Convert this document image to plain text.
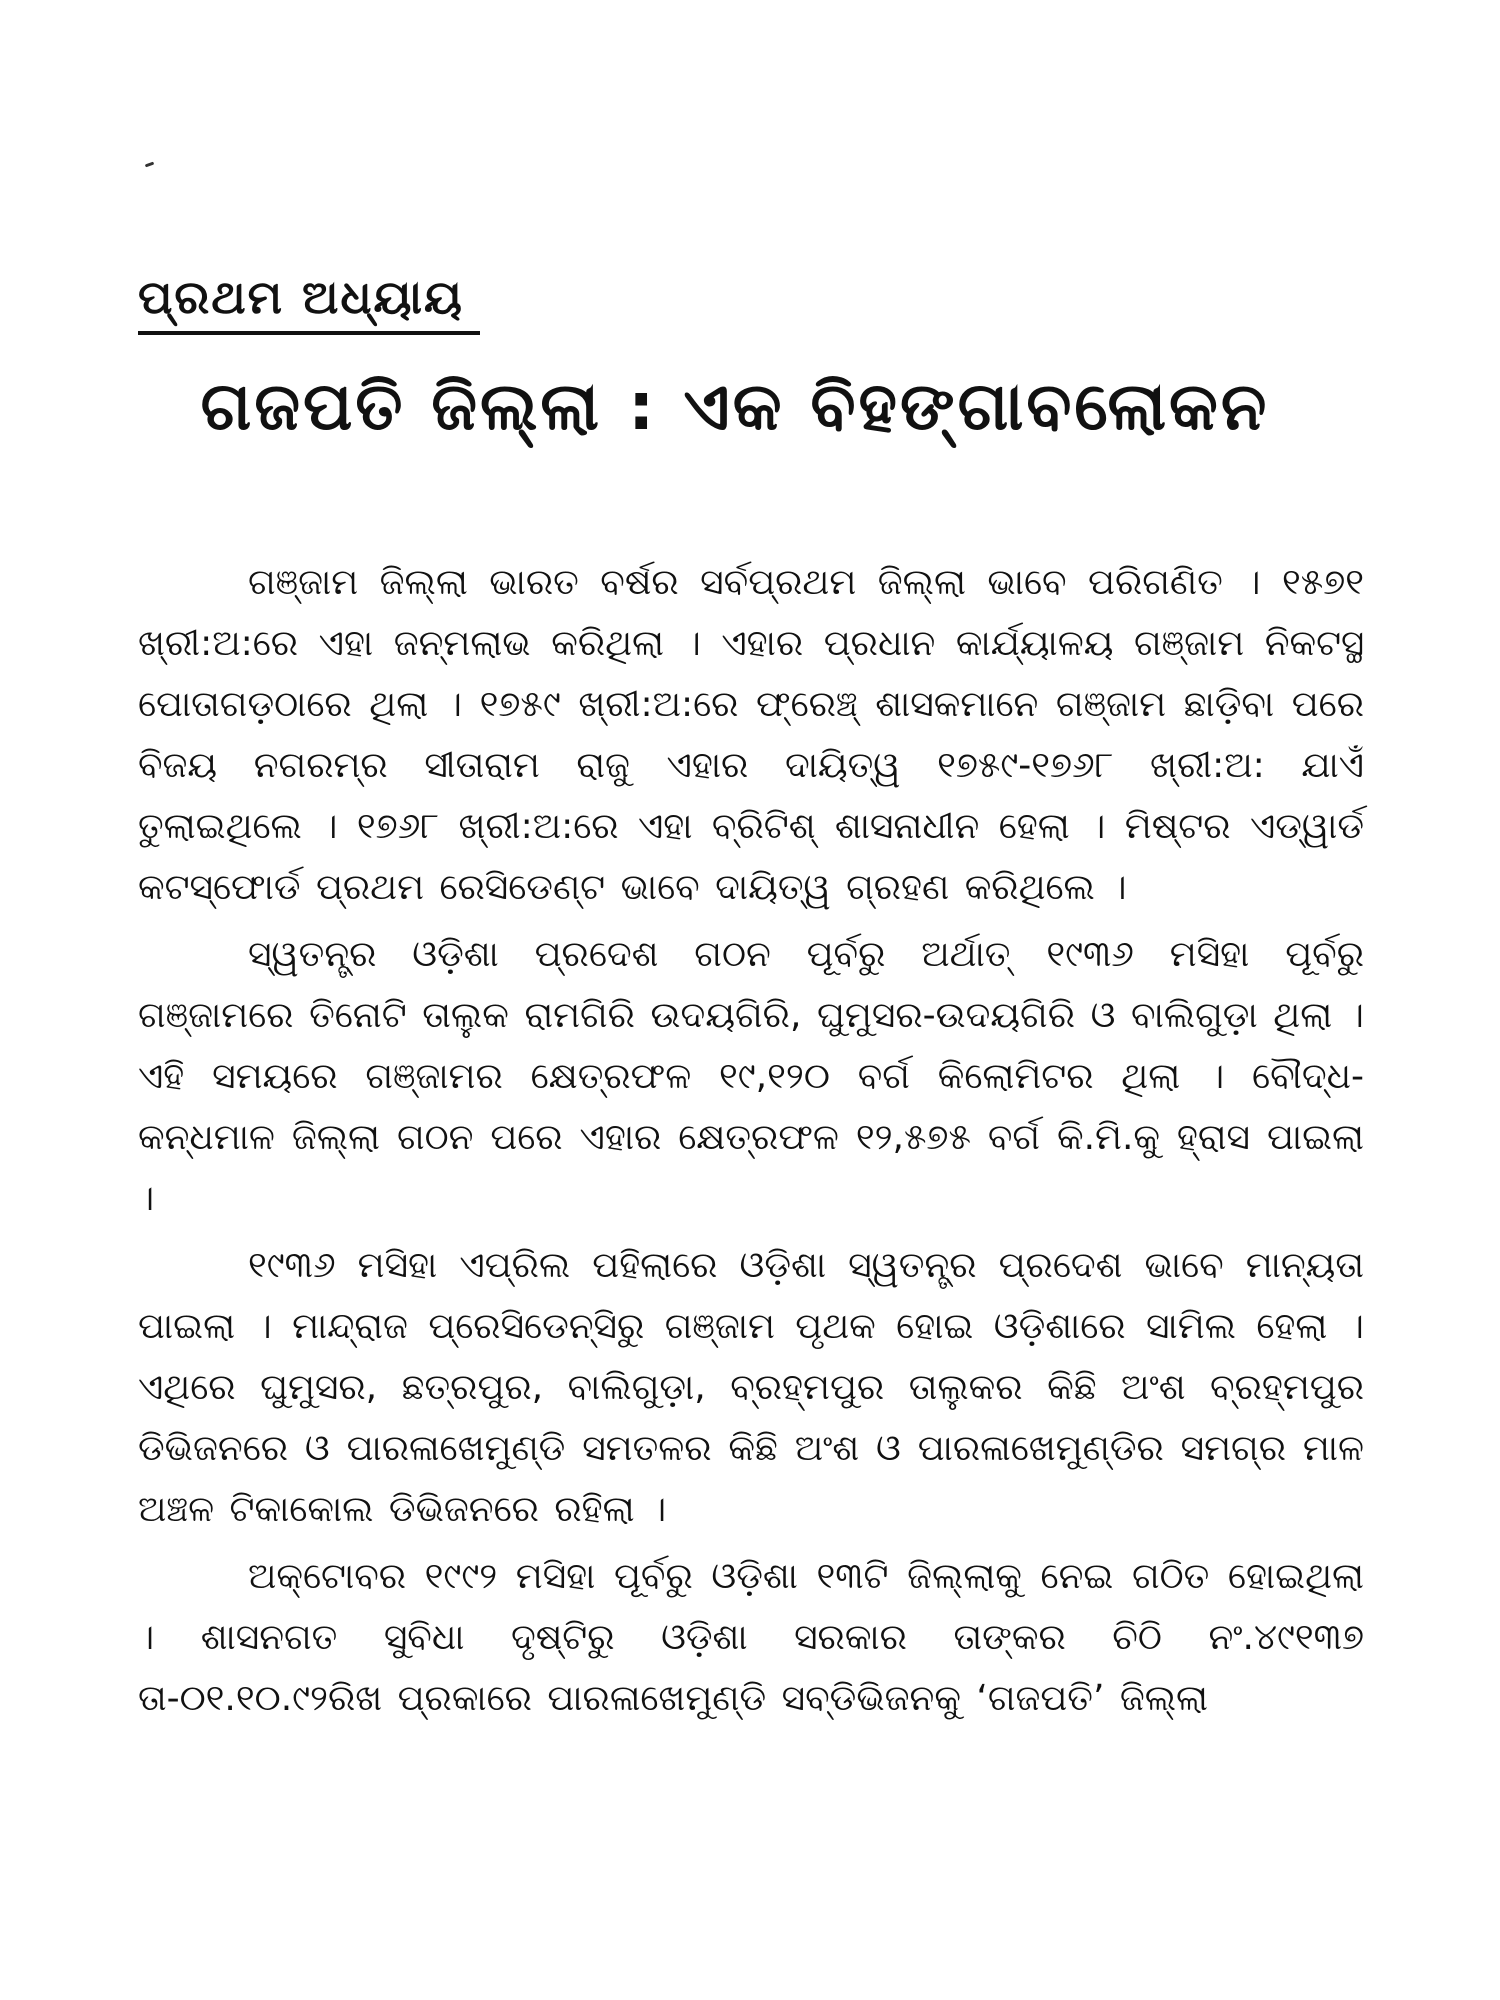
ପ୍ରଥମ ଅଧ୍ୟାୟ
ଗଜପତି ଜିଲ୍ଲା : ଏକ ବିହଙ୍ଗାବଲୋକନ

ଗଞ୍ଜାମ ଜିଲ୍ଲା ଭାରତ ବର୍ଷର ସର୍ବପ୍ରଥମ ଜିଲ୍ଲା ଭାବେ ପରିଗଣିତ । ୧୫୭୧ ଖ୍ରୀ:ଅ:ରେ ଏହା ଜନ୍ମଲାଭ କରିଥିଲା । ଏହାର ପ୍ରଧାନ କାର୍ଯ୍ୟାଳୟ ଗଞ୍ଜାମ ନିକଟସ୍ଥ ପୋତାଗଡ଼ଠାରେ ଥିଲା । ୧୭୫୯ ଖ୍ରୀ:ଅ:ରେ ଫ୍ରେଞ୍ଚ୍ ଶାସକମାନେ ଗଞ୍ଜାମ ଛାଡ଼ିବା ପରେ ବିଜୟ ନଗରମ୍‌ର ସୀତାରାମ ରାଜୁ ଏହାର ଦାୟିତ୍ୱ ୧୭୫୯-୧୭୬୮ ଖ୍ରୀ:ଅ: ଯାଏଁ ତୁଲାଇଥିଲେ । ୧୭୬୮ ଖ୍ରୀ:ଅ:ରେ ଏହା ବ୍ରିଟିଶ୍ ଶାସନାଧୀନ ହେଲା । ମିଷ୍ଟର ଏଡ୍‌ୱାର୍ଡ କଟସ୍‌ଫୋର୍ଡ ପ୍ରଥମ ରେସିଡେଣ୍ଟ ଭାବେ ଦାୟିତ୍ୱ ଗ୍ରହଣ କରିଥିଲେ ।

ସ୍ୱତନ୍ତ୍ର ଓଡ଼ିଶା ପ୍ରଦେଶ ଗଠନ ପୂର୍ବରୁ ଅର୍ଥାତ୍ ୧୯୩୬ ମସିହା ପୂର୍ବରୁ ଗଞ୍ଜାମରେ ତିନୋଟି ତାଲୁକ ରାମଗିରି ଉଦୟଗିରି, ଘୁମୁସର-ଉଦୟଗିରି ଓ ବାଲିଗୁଡ଼ା ଥିଲା । ଏହି ସମୟରେ ଗଞ୍ଜାମର କ୍ଷେତ୍ରଫଳ ୧୯,୧୨୦ ବର୍ଗ କିଲୋମିଟର ଥିଲା । ବୌଦ୍ଧ-କନ୍ଧମାଳ ଜିଲ୍ଲା ଗଠନ ପରେ ଏହାର କ୍ଷେତ୍ରଫଳ ୧୨,୫୭୫ ବର୍ଗ କି.ମି.କୁ ହ୍ରାସ ପାଇଲା ।

୧୯୩୬ ମସିହା ଏପ୍ରିଲ ପହିଲାରେ ଓଡ଼ିଶା ସ୍ୱତନ୍ତ୍ର ପ୍ରଦେଶ ଭାବେ ମାନ୍ୟତା ପାଇଲା । ମାନ୍ଦ୍ରାଜ ପ୍ରେସିଡେନ୍‌ସିରୁ ଗଞ୍ଜାମ ପୃଥକ ହୋଇ ଓଡ଼ିଶାରେ ସାମିଲ ହେଲା । ଏଥିରେ ଘୁମୁସର, ଛତ୍ରପୁର, ବାଲିଗୁଡ଼ା, ବ୍ରହ୍ମପୁର ତାଲୁକର କିଛି ଅଂଶ ବ୍ରହ୍ମପୁର ଡିଭିଜନରେ ଓ ପାରଳାଖେମୁଣ୍ଡି ସମତଳର କିଛି ଅଂଶ ଓ ପାରଳାଖେମୁଣ୍ଡିର ସମଗ୍ର ମାଳ ଅଞ୍ଚଳ ଟିକାକୋଲ ଡିଭିଜନରେ ରହିଲା ।

ଅକ୍ଟୋବର ୧୯୯୨ ମସିହା ପୂର୍ବରୁ ଓଡ଼ିଶା ୧୩ଟି ଜିଲ୍ଲାକୁ ନେଇ ଗଠିତ ହୋଇଥିଲା । ଶାସନଗତ ସୁବିଧା ଦୃଷ୍ଟିରୁ ଓଡ଼ିଶା ସରକାର ତାଙ୍କର ଚିଠି ନଂ.୪୯୧୩୭ ତା-୦୧.୧୦.୯୨ରିଖ ପ୍ରକାରେ ପାରଳାଖେମୁଣ୍ଡି ସବ୍‌ଡିଭିଜନକୁ ‘ଗଜପତି’ ଜିଲ୍ଲା
